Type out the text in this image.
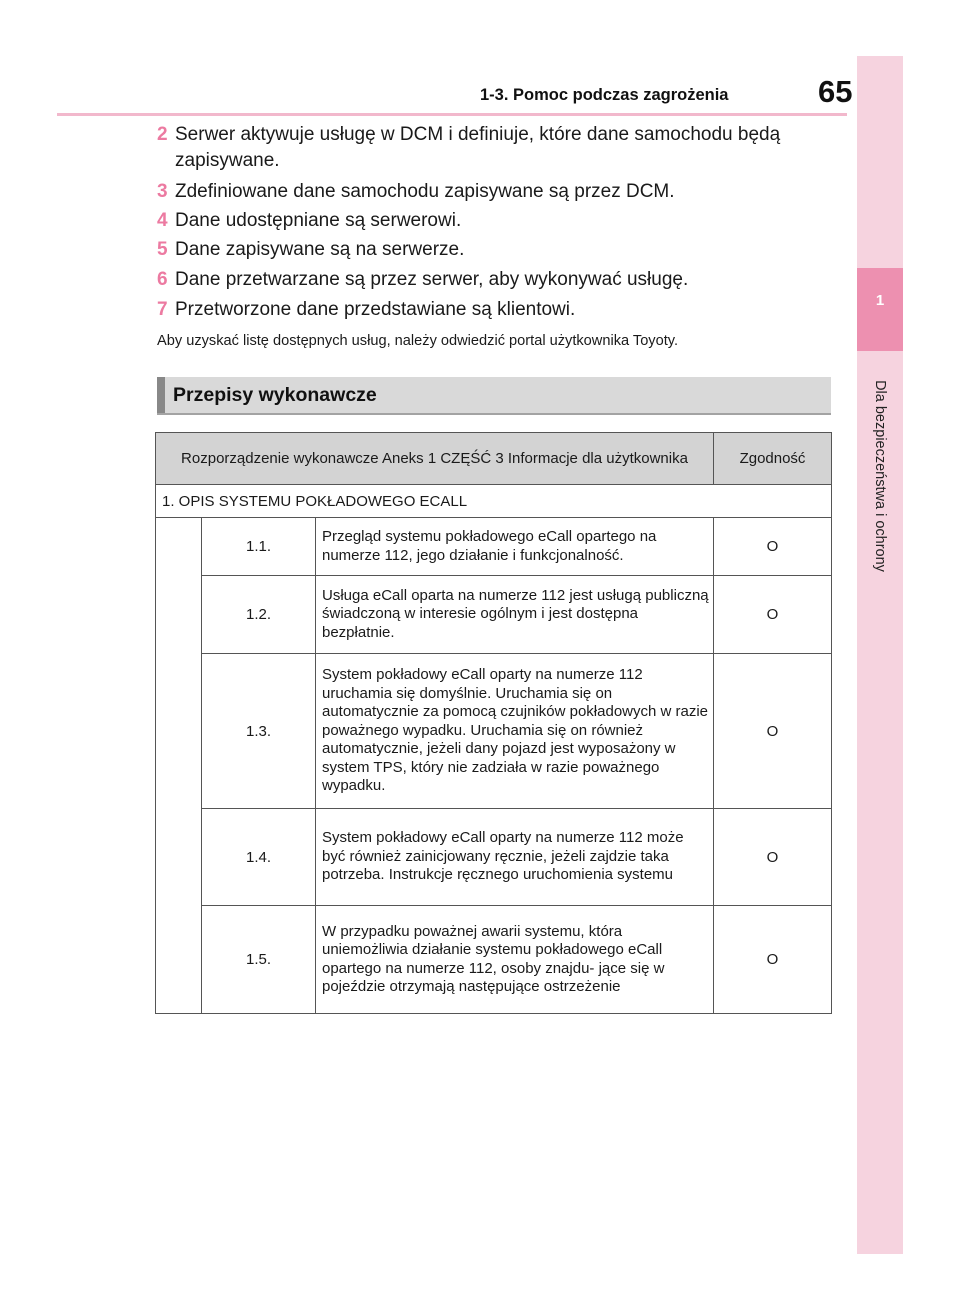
1-3. Pomoc podczas zagrożenia	65
1
Dla bezpieczeństwa i ochrony
2 Serwer aktywuje usługę w DCM i definiuje, które dane samochodu będą
zapisywane.
3 Zdefiniowane dane samochodu zapisywane są przez DCM.
4 Dane udostępniane są serwerowi.
5 Dane zapisywane są na serwerze.
6 Dane przetwarzane są przez serwer, aby wykonywać usługę.
7 Przetworzone dane przedstawiane są klientowi.
Aby uzyskać listę dostępnych usług, należy odwiedzić portal użytkownika Toyoty.
Przepisy wykonawcze
Rozporządzenie wykonawcze Aneks 1 CZĘŚĆ 3 Informacje dla użytkownika			Zgodność
1. OPIS SYSTEMU POKŁADOWEGO ECALL			
	1.1.	Przegląd systemu pokładowego eCall opartego na numerze 112, jego działanie i funkcjonalność.	O
	1.2.	Usługa eCall oparta na numerze 112 jest usługą publiczną świadczoną w interesie ogólnym i jest dostępna bezpłatnie.	O
	1.3.	System pokładowy eCall oparty na numerze 112 uruchamia się domyślnie. Uruchamia się on automatycznie za pomocą czujników pokładowych w razie poważnego wypadku. Uruchamia się on również automatycznie, jeżeli dany pojazd jest wyposażony w system TPS, który nie zadziała w razie poważnego wypadku.	O
	1.4.	System pokładowy eCall oparty na numerze 112 może być również zainicjowany ręcznie, jeżeli zajdzie taka potrzeba. Instrukcje ręcznego uruchomienia systemu	O
	1.5.	W przypadku poważnej awarii systemu, która uniemożliwia działanie systemu pokładowego eCall opartego na numerze 112, osoby znajdu- jące się w pojeździe otrzymają następujące ostrzeżenie	O
